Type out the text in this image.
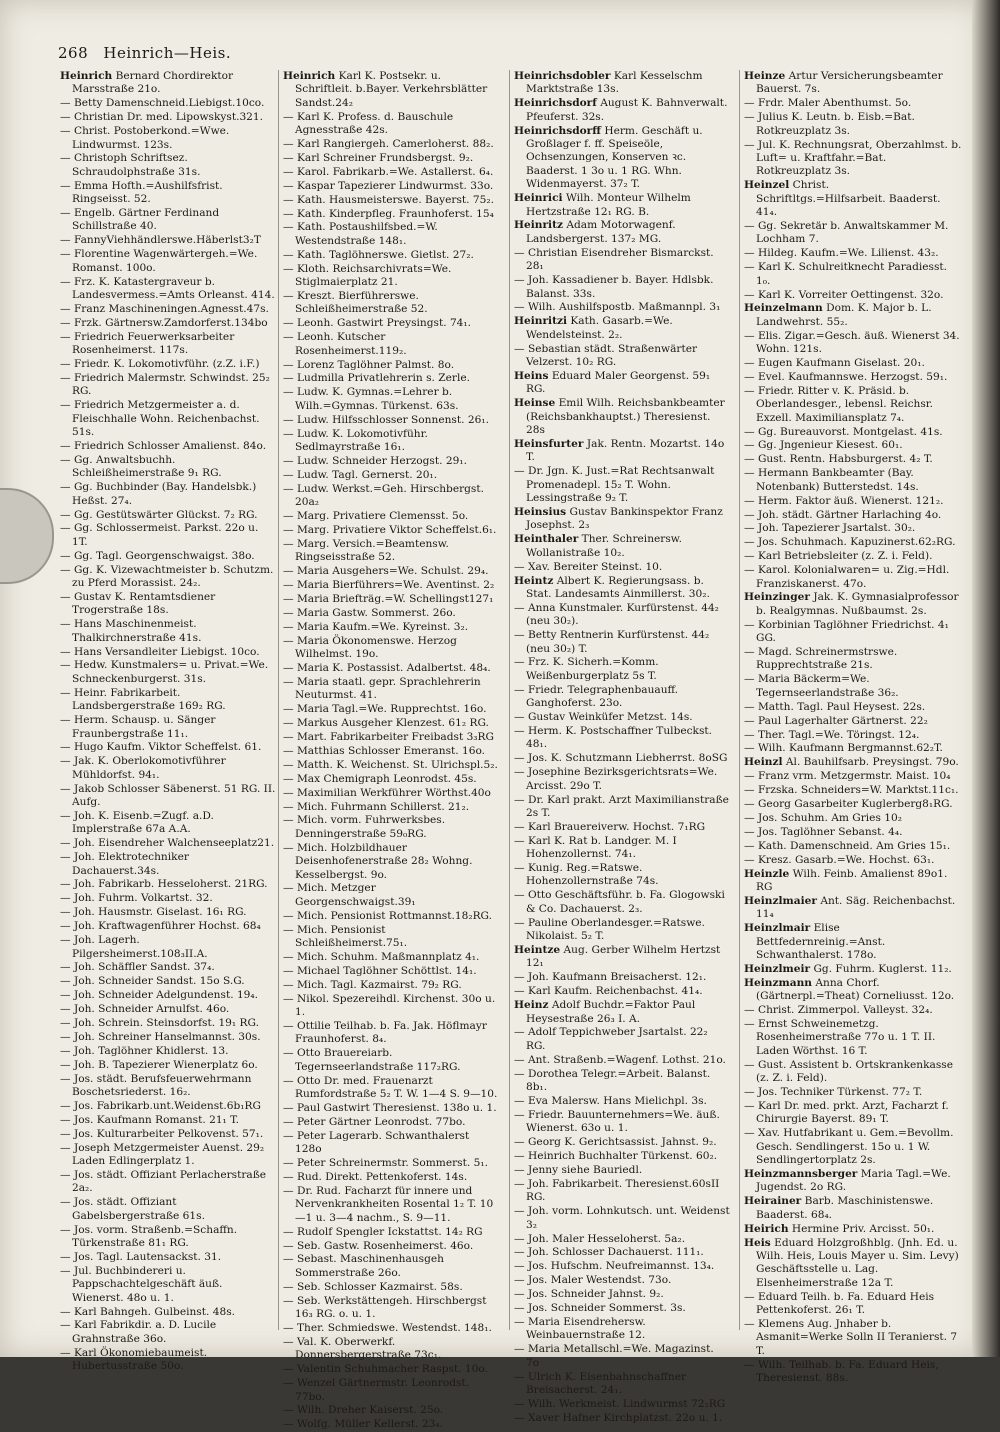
268 Heinrich—Heis.
Heinrich Bernard Chordirektor Marsstraße 21o.
— Betty Damenschneid.Liebigst.10co.
— Christian Dr. med. Lipowskyst.321.
— Christ. Postoberkond.=Wwe. Lindwurmst. 123s.
— Christoph Schriftsez. Schraudolphstraße 31s.
— Emma Hofth.=Aushilfsfrist. Ringseisst. 52.
— Engelb. Gärtner Ferdinand Schillstraße 40.
— FannyViehhändlerswe.Häberlst3₂T
— Florentine Wagenwärtergeh.=We. Romanst. 100o.
— Frz. K. Katastergraveur b. Landesvermess.=Amts Orleanst. 414.
— Franz Maschineningen.Agnesst.47s.
— Frzk. Gärtnersw.Zamdorferst.134bo
— Friedrich Feuerwerksarbeiter Rosenheimerst. 117s.
— Friedr. K. Lokomotivführ. (z.Z. i.F.)
— Friedrich Malermstr. Schwindst. 25₂ RG.
— Friedrich Metzgermeister a. d. Fleischhalle Wohn. Reichenbachst. 51s.
— Friedrich Schlosser Amalienst. 84o.
— Gg. Anwaltsbuchh. Schleißheimerstraße 9₁ RG.
— Gg. Buchbinder (Bay. Handelsbk.) Heßst. 27₄.
— Gg. Gestütswärter Glückst. 7₂ RG.
— Gg. Schlossermeist. Parkst. 22o u. 1T.
— Gg. Tagl. Georgenschwaigst. 38o.
— Gg. K. Vizewachtmeister b. Schutzm. zu Pferd Morassist. 24₂.
— Gustav K. Rentamtsdiener Trogerstraße 18s.
— Hans Maschinenmeist. Thalkirchnerstraße 41s.
— Hans Versandleiter Liebigst. 10co.
— Hedw. Kunstmalers= u. Privat.=We. Schneckenburgerst. 31s.
— Heinr. Fabrikarbeit. Landsbergerstraße 169₂ RG.
— Herm. Schausp. u. Sänger Fraunbergstraße 11₁.
— Hugo Kaufm. Viktor Scheffelst. 61.
— Jak. K. Oberlokomotivführer Mühldorfst. 94₁.
— Jakob Schlosser Säbenerst. 51 RG. II. Aufg.
— Joh. K. Eisenb.=Zugf. a.D. Implerstraße 67a A.A.
— Joh. Eisendreher Walchenseeplatz21.
— Joh. Elektrotechniker Dachauerst.34s.
— Joh. Fabrikarb. Hesseloherst. 21RG.
— Joh. Fuhrm. Volkartst. 32.
— Joh. Hausmstr. Giselast. 16₁ RG.
— Joh. Kraftwagenführer Hochst. 68₄
— Joh. Lagerh. Pilgersheimerst.108₃II.A.
— Joh. Schäffler Sandst. 37₄.
— Joh. Schneider Sandst. 15o S.G.
— Joh. Schneider Adelgundenst. 19₄.
— Joh. Schneider Arnulfst. 46o.
— Joh. Schrein. Steinsdorfst. 19₁ RG.
— Joh. Schreiner Hanselmannst. 30s.
— Joh. Taglöhner Khidlerst. 13.
— Joh. B. Tapezierer Wienerplatz 6o.
— Jos. städt. Berufsfeuerwehrmann Boschetsriederst. 16₂.
— Jos. Fabrikarb.unt.Weidenst.6b₁RG
— Jos. Kaufmann Romanst. 21₁ T.
— Jos. Kulturarbeiter Pelkovenst. 57₁.
— Joseph Metzgermeister Auenst. 29₂ Laden Edlingerplatz 1.
— Jos. städt. Offiziant Perlacherstraße 2a₂.
— Jos. städt. Offiziant Gabelsbergerstraße 61s.
— Jos. vorm. Straßenb.=Schaffn. Türkenstraße 81₁ RG.
— Jos. Tagl. Lautensackst. 31.
— Jul. Buchbindereri u. Pappschachtelgeschäft äuß. Wienerst. 48o u. 1.
— Karl Bahngeh. Gulbeinst. 48s.
— Karl Fabrikdir. a. D. Lucile Grahnstraße 36o.
— Karl Ökonomiebaumeist. Hubertusstraße 50o.
Heinrich Karl K. Postsekr. u. Schriftleit. b.Bayer. Verkehrsblätter Sandst.24₂
— Karl K. Profess. d. Bauschule Agnesstraße 42s.
— Karl Rangiergeh. Camerloherst. 88₂.
— Karl Schreiner Frundsbergst. 9₂.
— Karol. Fabrikarb.=We. Astallerst. 6₄.
— Kaspar Tapezierer Lindwurmst. 33o.
— Kath. Hausmeisterswe. Bayerst. 75₂.
— Kath. Kinderpfleg. Fraunhoferst. 15₄
— Kath. Postaushilfsbed.=W. Westendstraße 148₁.
— Kath. Taglöhnerswe. Gietlst. 27₂.
— Kloth. Reichsarchivrats=We. Stiglmaierplatz 21.
— Kreszt. Bierführerswe. Schleißheimerstraße 52.
— Leonh. Gastwirt Preysingst. 74₁.
— Leonh. Kutscher Rosenheimerst.119₂.
— Lorenz Taglöhner Palmst. 8o.
— Ludmilla Privatlehrerin s. Zerle.
— Ludw. K. Gymnas.=Lehrer b. Wilh.=Gymnas. Türkenst. 63s.
— Ludw. Hilfsschlosser Sonnenst. 26₁.
— Ludw. K. Lokomotivführ. Sedlmayrstraße 16₁.
— Ludw. Schneider Herzogst. 29₁.
— Ludw. Tagl. Gernerst. 20₁.
— Ludw. Werkst.=Geh. Hirschbergst. 20a₂
— Marg. Privatiere Clemensst. 5o.
— Marg. Privatiere Viktor Scheffelst.6₁.
— Marg. Versich.=Beamtensw. Ringseisstraße 52.
— Maria Ausgehers=We. Schulst. 29₄.
— Maria Bierführers=We. Aventinst. 2₂
— Maria Briefträg.=W. Schellingst127₁
— Maria Gastw. Sommerst. 26o.
— Maria Kaufm.=We. Kyreinst. 3₂.
— Maria Ökonomenswe. Herzog Wilhelmst. 19o.
— Maria K. Postassist. Adalbertst. 48₄.
— Maria staatl. gepr. Sprachlehrerin Neuturmst. 41.
— Maria Tagl.=We. Rupprechtst. 16o.
— Markus Ausgeher Klenzest. 61₂ RG.
— Mart. Fabrikarbeiter Freibadst 3₃RG
— Matthias Schlosser Emeranst. 16o.
— Matth. K. Weichenst. St. Ulrichspl.5₂.
— Max Chemigraph Leonrodst. 45s.
— Maximilian Werkführer Wörthst.40o
— Mich. Fuhrmann Schillerst. 21₂.
— Mich. vorm. Fuhrwerksbes. Denningerstraße 59₀RG.
— Mich. Holzbildhauer Deisenhofenerstraße 28₂ Wohng. Kesselbergst. 9o.
— Mich. Metzger Georgenschwaigst.39₁
— Mich. Pensionist Rottmannst.18₂RG.
— Mich. Pensionist Schleißheimerst.75₁.
— Mich. Schuhm. Maßmannplatz 4₁.
— Michael Taglöhner Schöttlst. 14₁.
— Mich. Tagl. Kazmairst. 79₂ RG.
— Nikol. Spezereihdl. Kirchenst. 30o u. 1.
— Ottilie Teilhab. b. Fa. Jak. Höflmayr Fraunhoferst. 8₄.
— Otto Brauereiarb. Tegernseerlandstraße 117₂RG.
— Otto Dr. med. Frauenarzt Rumfordstraße 5₂ T. W. 1—4 S. 9—10.
— Paul Gastwirt Theresienst. 138o u. 1.
— Peter Gärtner Leonrodst. 77bo.
— Peter Lagerarb. Schwanthalerst 128o
— Peter Schreinermstr. Sommerst. 5₁.
— Rud. Direkt. Pettenkoferst. 14s.
— Dr. Rud. Facharzt für innere und Nervenkrankheiten Rosental 1₂ T. 10—1 u. 3—4 nachm., S. 9—11.
— Rudolf Spengler Ickstattst. 14₂ RG
— Seb. Gastw. Rosenheimerst. 46o.
— Sebast. Maschinenhausgeh Sommerstraße 26o.
— Seb. Schlosser Kazmairst. 58s.
— Seb. Werkstättengeh. Hirschbergst 16₃ RG. o. u. 1.
— Ther. Schmiedswe. Westendst. 148₁.
— Val. K. Oberwerkf. Donnersbergerstraße 73c₁.
— Valentin Schuhmacher Raspst. 10o.
— Wenzel Gärtnermstr. Leonrodst. 77bo.
— Wilh. Dreher Kaiserst. 25o.
— Wolfg. Müller Kellerst. 23₄.
Heinrichsdobler Karl Kesselschm Marktstraße 13s.
Heinrichsdorf August K. Bahnverwalt. Pfeuferst. 32s.
Heinrichsdorff Herm. Geschäft u. Großlager f. ff. Speiseöle, Ochsenzungen, Konserven ꝛc. Baaderst. 1 3o u. 1 RG. Whn. Widenmayerst. 37₂ T.
Heinrici Wilh. Monteur Wilhelm Hertzstraße 12₁ RG. B.
Heinritz Adam Motorwagenf. Landsbergerst. 137₂ MG.
— Christian Eisendreher Bismarckst. 28₁
— Joh. Kassadiener b. Bayer. Hdlsbk. Balanst. 33s.
— Wilh. Aushilfspostb. Maßmannpl. 3₁
Heinritzi Kath. Gasarb.=We. Wendelsteinst. 2₂.
— Sebastian städt. Straßenwärter Velzerst. 10₂ RG.
Heins Eduard Maler Georgenst. 59₁ RG.
Heinse Emil Wilh. Reichsbankbeamter (Reichsbankhauptst.) Theresienst. 28s
Heinsfurter Jak. Rentn. Mozartst. 14o T.
— Dr. Jgn. K. Just.=Rat Rechtsanwalt Promenadepl. 15₂ T. Wohn. Lessingstraße 9₂ T.
Heinsius Gustav Bankinspektor Franz Josephst. 2₃
Heinthaler Ther. Schreinersw. Wollanistraße 10₂.
— Xav. Bereiter Steinst. 10.
Heintz Albert K. Regierungsass. b. Stat. Landesamts Ainmillerst. 30₂.
— Anna Kunstmaler. Kurfürstenst. 44₂ (neu 30₂).
— Betty Rentnerin Kurfürstenst. 44₂ (neu 30₂) T.
— Frz. K. Sicherh.=Komm. Weißenburgerplatz 5s T.
— Friedr. Telegraphenbauauff. Ganghoferst. 23o.
— Gustav Weinküfer Metzst. 14s.
— Herm. K. Postschaffner Tulbeckst. 48₁.
— Jos. K. Schutzmann Liebherrst. 8oSG
— Josephine Bezirksgerichtsrats=We. Arcisst. 29o T.
— Dr. Karl prakt. Arzt Maximilianstraße 2s T.
— Karl Brauereiverw. Hochst. 7₁RG
— Karl K. Rat b. Landger. M. I Hohenzollernst. 74₁.
— Kunig. Reg.=Ratswe. Hohenzollernstraße 74s.
— Otto Geschäftsführ. b. Fa. Glogowski & Co. Dachauerst. 2₃.
— Pauline Oberlandesger.=Ratswe. Nikolaist. 5₂ T.
Heintze Aug. Gerber Wilhelm Hertzst 12₁
— Joh. Kaufmann Breisacherst. 12₁.
— Karl Kaufm. Reichenbachst. 41₄.
Heinz Adolf Buchdr.=Faktor Paul Heysestraße 26₃ I. A.
— Adolf Teppichweber Jsartalst. 22₂ RG.
— Ant. Straßenb.=Wagenf. Lothst. 21o.
— Dorothea Telegr.=Arbeit. Balanst. 8b₁.
— Eva Malersw. Hans Mielichpl. 3s.
— Friedr. Bauunternehmers=We. äuß. Wienerst. 63o u. 1.
— Georg K. Gerichtsassist. Jahnst. 9₂.
— Heinrich Buchhalter Türkenst. 60₂.
— Jenny siehe Bauriedl.
— Joh. Fabrikarbeit. Theresienst.60sII RG.
— Joh. vorm. Lohnkutsch. unt. Weidenst 3₂
— Joh. Maler Hesseloherst. 5a₂.
— Joh. Schlosser Dachauerst. 111₁.
— Jos. Hufschm. Neufreimannst. 13₄.
— Jos. Maler Westendst. 73o.
— Jos. Schneider Jahnst. 9₂.
— Jos. Schneider Sommerst. 3s.
— Maria Eisendrehersw. Weinbauernstraße 12.
— Maria Metallschl.=We. Magazinst. 7o
— Ulrich K. Eisenbahnschaffner Breisacherst. 24₁.
— Wilh. Werkmeist. Lindwurmst 72₂RG
— Xaver Hafner Kirchplatzst. 22o u. 1.
Heinze Artur Versicherungsbeamter Bauerst. 7s.
— Frdr. Maler Abenthumst. 5o.
— Julius K. Leutn. b. Eisb.=Bat. Rotkreuzplatz 3s.
— Jul. K. Rechnungsrat, Oberzahlmst. b. Luft= u. Kraftfahr.=Bat. Rotkreuzplatz 3s.
Heinzel Christ. Schriftltgs.=Hilfsarbeit. Baaderst. 41₄.
— Gg. Sekretär b. Anwaltskammer M. Lochham 7.
— Hildeg. Kaufm.=We. Lilienst. 43₂.
— Karl K. Schulreitknecht Paradiesst. 1₀.
— Karl K. Vorreiter Oettingenst. 32o.
Heinzelmann Dom. K. Major b. L. Landwehrst. 55₂.
— Elis. Zigar.=Gesch. äuß. Wienerst 34. Wohn. 121s.
— Eugen Kaufmann Giselast. 20₁.
— Evel. Kaufmannswe. Herzogst. 59₁.
— Friedr. Ritter v. K. Präsid. b. Oberlandesger., lebensl. Reichsr. Exzell. Maximiliansplatz 7₄.
— Gg. Bureauvorst. Montgelast. 41s.
— Gg. Jngenieur Kiesest. 60₁.
— Gust. Rentn. Habsburgerst. 4₂ T.
— Hermann Bankbeamter (Bay. Notenbank) Butterstedst. 14s.
— Herm. Faktor äuß. Wienerst. 121₂.
— Joh. städt. Gärtner Harlaching 4o.
— Joh. Tapezierer Jsartalst. 30₂.
— Jos. Schuhmach. Kapuzinerst.62₂RG.
— Karl Betriebsleiter (z. Z. i. Feld).
— Karol. Kolonialwaren= u. Zig.=Hdl. Franziskanerst. 47o.
Heinzinger Jak. K. Gymnasialprofessor b. Realgymnas. Nußbaumst. 2s.
— Korbinian Taglöhner Friedrichst. 4₁ GG.
— Magd. Schreinermstrswe. Rupprechtstraße 21s.
— Maria Bäckerm=We. Tegernseerlandstraße 36₂.
— Matth. Tagl. Paul Heysest. 22s.
— Paul Lagerhalter Gärtnerst. 22₂
— Ther. Tagl.=We. Töringst. 12₄.
— Wilh. Kaufmann Bergmannst.62₂T.
Heinzl Al. Bauhilfsarb. Preysingst. 79o.
— Franz vrm. Metzgermstr. Maist. 10₄
— Frzska. Schneiders=W. Marktst.11c₁.
— Georg Gasarbeiter Kuglerberg8₁RG.
— Jos. Schuhm. Am Gries 10₂
— Jos. Taglöhner Sebanst. 4₄.
— Kath. Damenschneid. Am Gries 15₁.
— Kresz. Gasarb.=We. Hochst. 63₁.
Heinzle Wilh. Feinb. Amalienst 89o1. RG
Heinzlmaier Ant. Säg. Reichenbachst. 11₄
Heinzlmair Elise Bettfedernreinig.=Anst. Schwanthalerst. 178o.
Heinzlmeir Gg. Fuhrm. Kuglerst. 11₂.
Heinzmann Anna Chorf. (Gärtnerpl.=Theat) Corneliusst. 12o.
— Christ. Zimmerpol. Valleyst. 32₄.
— Ernst Schweinemetzg. Rosenheimerstraße 77o u. 1 T. II. Laden Wörthst. 16 T.
— Gust. Assistent b. Ortskrankenkasse (z. Z. i. Feld).
— Jos. Techniker Türkenst. 77₂ T.
— Karl Dr. med. prkt. Arzt, Facharzt f. Chirurgie Bayerst. 89₁ T.
— Xav. Hutfabrikant u. Gem.=Bevollm. Gesch. Sendlingerst. 15o u. 1 W. Sendlingertorplatz 2s.
Heinzmannsberger Maria Tagl.=We. Jugendst. 2o RG.
Heirainer Barb. Maschinistenswe. Baaderst. 68₄.
Heirich Hermine Priv. Arcisst. 50₁.
Heis Eduard Holzgroßhblg. (Jnh. Ed. u. Wilh. Heis, Louis Mayer u. Sim. Levy) Geschäftsstelle u. Lag. Elsenheimerstraße 12a T.
— Eduard Teilh. b. Fa. Eduard Heis Pettenkoferst. 26₁ T.
— Klemens Aug. Jnhaber b. Asmanit=Werke Solln II Teranierst. 7 T.
— Wilh. Teilhab. b. Fa. Eduard Heis, Theresienst. 88s.
